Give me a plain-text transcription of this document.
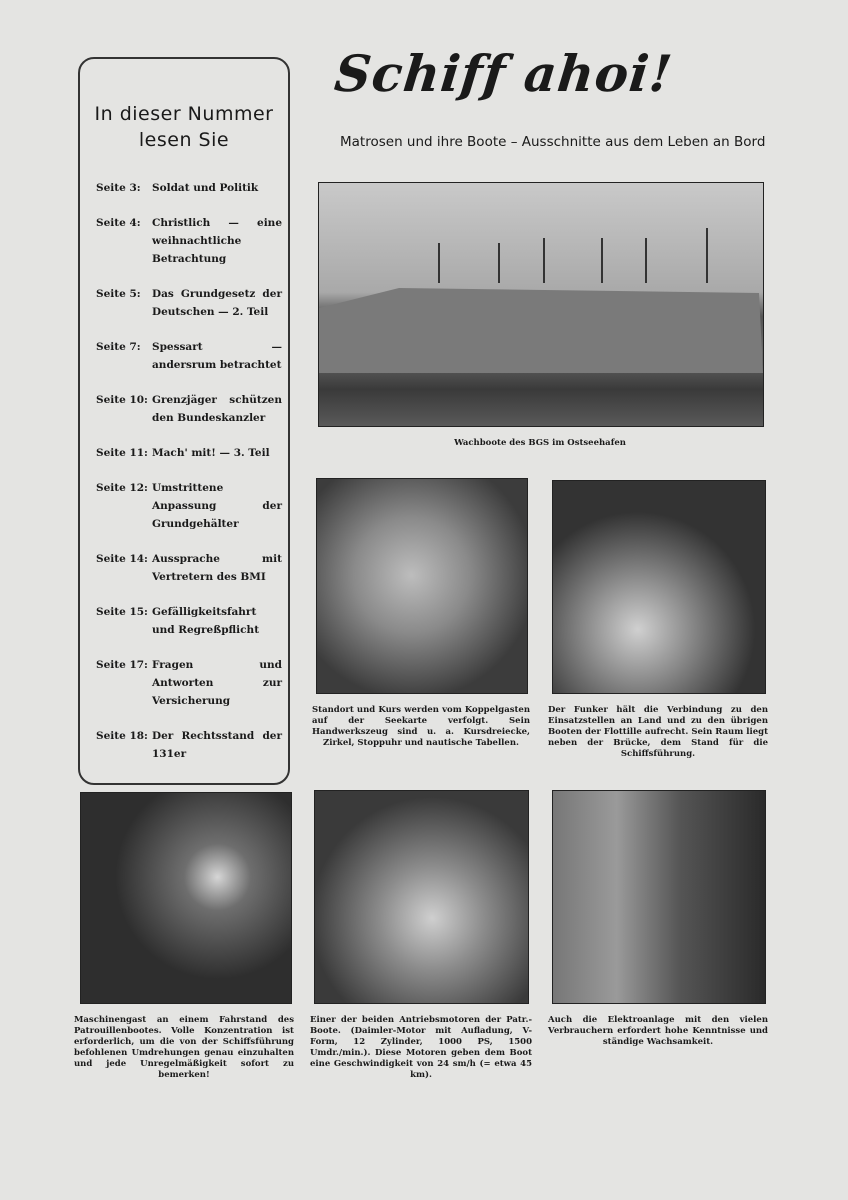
In dieser Nummer
lesen Sie
Seite 3:	Soldat und Politik
Seite 4:	Christlich — eine weihnachtliche Betrachtung
Seite 5:	Das Grundgesetz der Deutschen — 2. Teil
Seite 7:	Spessart — andersrum betrachtet
Seite 10: Grenzjäger schützen den Bundeskanzler
Seite 11: Mach' mit! — 3. Teil
Seite 12: Umstrittene Anpassung der Grundgehälter
Seite 14: Aussprache mit Vertretern des BMI
Seite 15: Gefälligkeitsfahrt und Regreßpflicht
Seite 17: Fragen und Antworten zur Versicherung
Seite 18: Der Rechtsstand der 131er
Schiff ahoi!
Matrosen und ihre Boote – Ausschnitte aus dem Leben an Bord
Wachboote des BGS im Ostseehafen
Standort und Kurs werden vom Koppelgasten auf der Seekarte verfolgt. Sein Handwerkszeug sind u. a. Kursdreiecke, Zirkel, Stoppuhr und nautische Tabellen.
Der Funker hält die Verbindung zu den Einsatzstellen an Land und zu den übrigen Booten der Flottille aufrecht. Sein Raum liegt neben der Brücke, dem Stand für die Schiffsführung.
Maschinengast an einem Fahrstand des Patrouillenbootes. Volle Konzentration ist erforderlich, um die von der Schiffsführung befohlenen Umdrehungen genau einzuhalten und jede Unregelmäßigkeit sofort zu bemerken!
Einer der beiden Antriebsmotoren der Patr.-Boote. (Daimler-Motor mit Aufladung, V-Form, 12 Zylinder, 1000 PS, 1500 Umdr./min.). Diese Motoren geben dem Boot eine Geschwindigkeit von 24 sm/h (= etwa 45 km).
Auch die Elektroanlage mit den vielen Verbrauchern erfordert hohe Kenntnisse und ständige Wachsamkeit.
